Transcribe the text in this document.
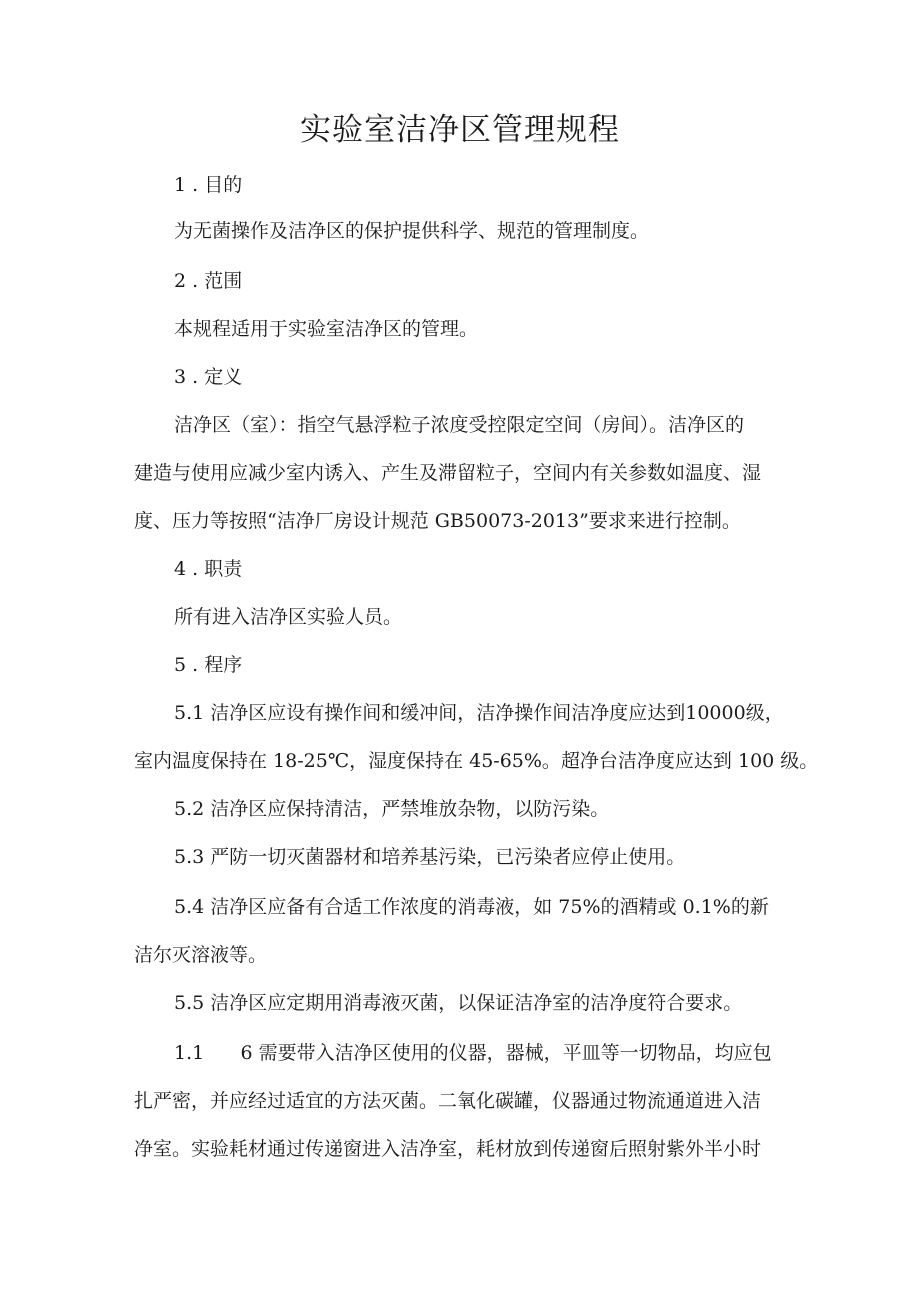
实验室洁净区管理规程
1 . 目的
为无菌操作及洁净区的保护提供科学、规范的管理制度。
2 . 范围
本规程适用于实验室洁净区的管理。
3 . 定义
洁净区（室）：指空气悬浮粒子浓度受控限定空间（房间）。洁净区的
建造与使用应减少室内诱入、产生及滞留粒子，空间内有关参数如温度、湿
度、压力等按照“洁净厂房设计规范 GB50073-2013”要求来进行控制。
4 . 职责
所有进入洁净区实验人员。
5 . 程序
5.1 洁净区应设有操作间和缓冲间，洁净操作间洁净度应达到10000级，
室内温度保持在 18-25℃，湿度保持在 45-65%。超净台洁净度应达到 100 级。
5.2 洁净区应保持清洁，严禁堆放杂物，以防污染。
5.3 严防一切灭菌器材和培养基污染，已污染者应停止使用。
5.4 洁净区应备有合适工作浓度的消毒液，如 75%的酒精或 0.1%的新
洁尔灭溶液等。
5.5 洁净区应定期用消毒液灭菌，以保证洁净室的洁净度符合要求。
1.1      6 需要带入洁净区使用的仪器，器械，平皿等一切物品，均应包
扎严密，并应经过适宜的方法灭菌。二氧化碳罐，仪器通过物流通道进入洁
净室。实验耗材通过传递窗进入洁净室，耗材放到传递窗后照射紫外半小时
